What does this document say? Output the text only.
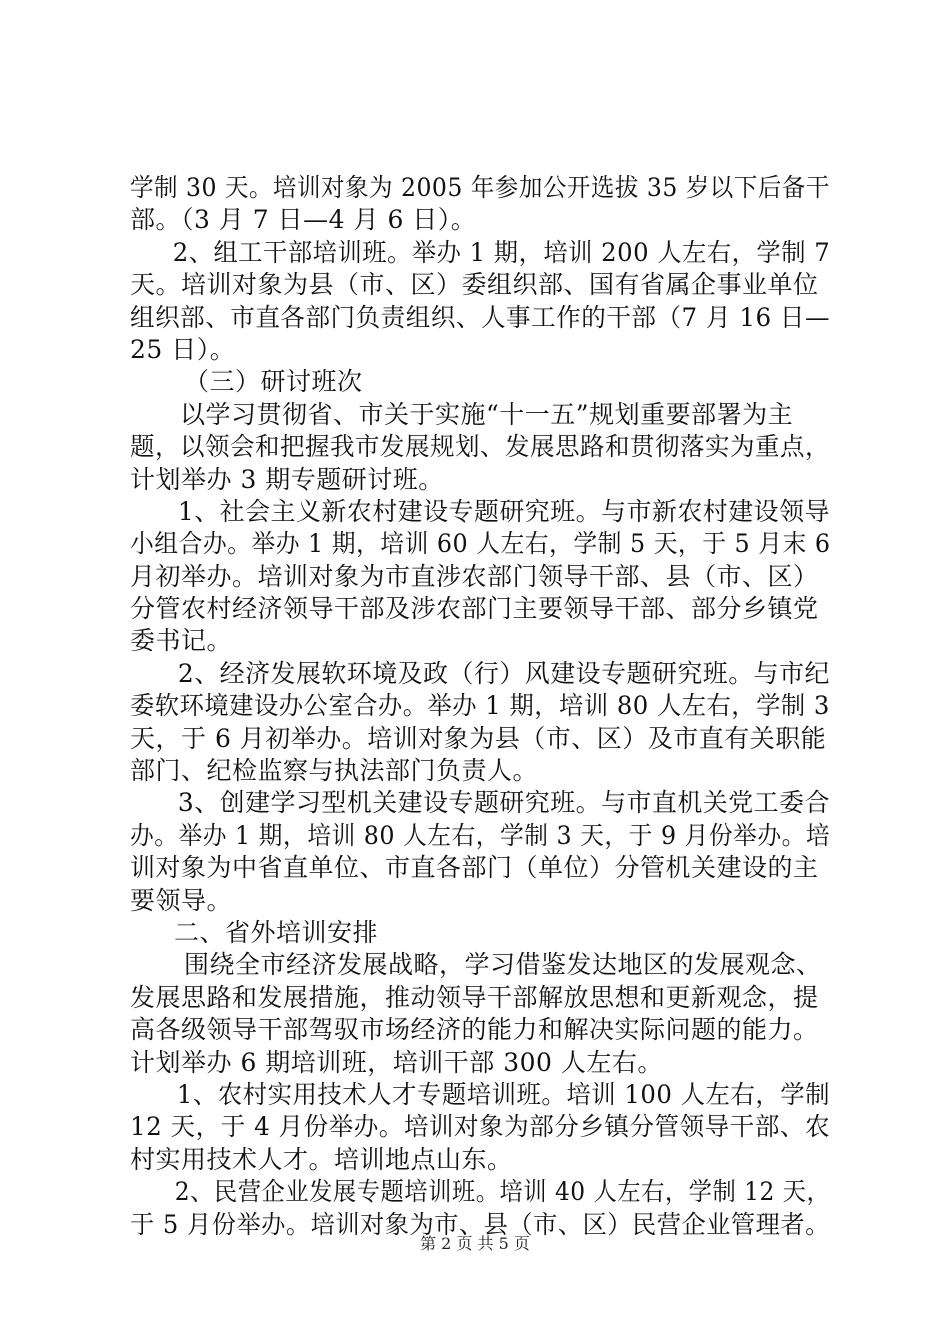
学制 30 天。培训对象为 2005 年参加公开选拔 35 岁以下后备干
部。（3 月 7 日—4 月 6 日）。
2、组工干部培训班。举办 1 期，培训 200 人左右，学制 7
天。培训对象为县（市、区）委组织部、国有省属企事业单位
组织部、市直各部门负责组织、人事工作的干部（7 月 16 日—
25 日）。
（三）研讨班次
以学习贯彻省、市关于实施“十一五”规划重要部署为主
题，以领会和把握我市发展规划、发展思路和贯彻落实为重点，
计划举办 3 期专题研讨班。
1、社会主义新农村建设专题研究班。与市新农村建设领导
小组合办。举办 1 期，培训 60 人左右，学制 5 天，于 5 月末 6
月初举办。培训对象为市直涉农部门领导干部、县（市、区）
分管农村经济领导干部及涉农部门主要领导干部、部分乡镇党
委书记。
2、经济发展软环境及政（行）风建设专题研究班。与市纪
委软环境建设办公室合办。举办 1 期，培训 80 人左右，学制 3
天，于 6 月初举办。培训对象为县（市、区）及市直有关职能
部门、纪检监察与执法部门负责人。
3、创建学习型机关建设专题研究班。与市直机关党工委合
办。举办 1 期，培训 80 人左右，学制 3 天，于 9 月份举办。培
训对象为中省直单位、市直各部门（单位）分管机关建设的主
要领导。
二、省外培训安排
围绕全市经济发展战略，学习借鉴发达地区的发展观念、
发展思路和发展措施，推动领导干部解放思想和更新观念，提
高各级领导干部驾驭市场经济的能力和解决实际问题的能力。
计划举办 6 期培训班，培训干部 300 人左右。
1、农村实用技术人才专题培训班。培训 100 人左右，学制
12 天，于 4 月份举办。培训对象为部分乡镇分管领导干部、农
村实用技术人才。培训地点山东。
2、民营企业发展专题培训班。培训 40 人左右，学制 12 天，
于 5 月份举办。培训对象为市、县（市、区）民营企业管理者。
第 2 页 共 5 页
